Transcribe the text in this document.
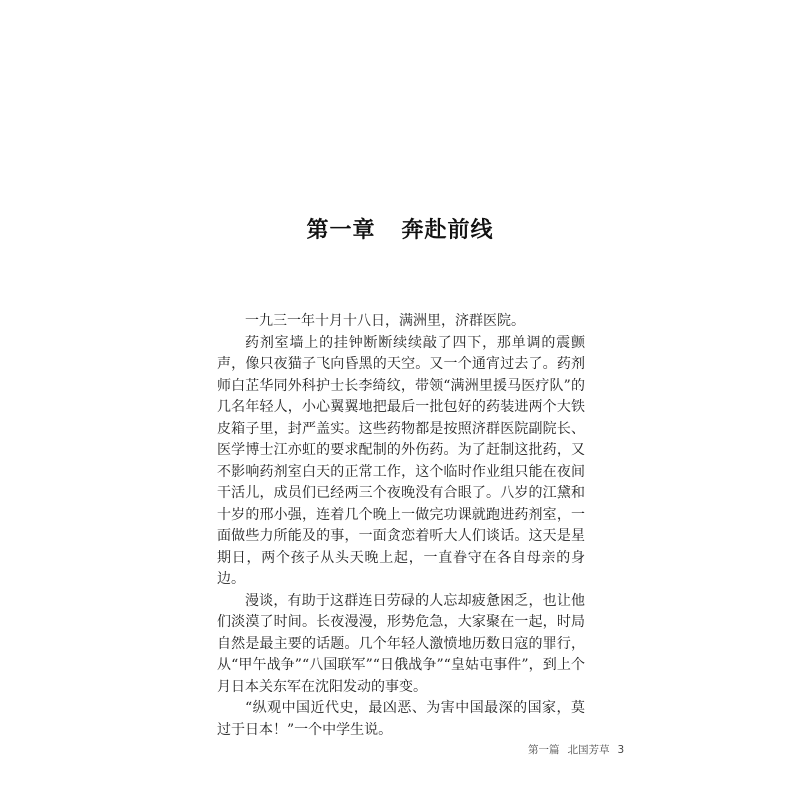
第一章 奔赴前线

一九三一年十月十八日，满洲里，济群医院。

药剂室墙上的挂钟断断续续敲了四下，那单调的震颤声，像只夜猫子飞向昏黑的天空。又一个通宵过去了。药剂师白芷华同外科护士长李绮纹，带领“满洲里援马医疗队”的几名年轻人，小心翼翼地把最后一批包好的药装进两个大铁皮箱子里，封严盖实。这些药物都是按照济群医院副院长、医学博士江亦虹的要求配制的外伤药。为了赶制这批药，又不影响药剂室白天的正常工作，这个临时作业组只能在夜间干活儿，成员们已经两三个夜晚没有合眼了。八岁的江黛和十岁的邢小强，连着几个晚上一做完功课就跑进药剂室，一面做些力所能及的事，一面贪恋着听大人们谈话。这天是星期日，两个孩子从头天晚上起，一直眷守在各自母亲的身边。

漫谈，有助于这群连日劳碌的人忘却疲惫困乏，也让他们淡漠了时间。长夜漫漫，形势危急，大家聚在一起，时局自然是最主要的话题。几个年轻人激愤地历数日寇的罪行，从“甲午战争”“八国联军”“日俄战争”“皇姑屯事件”，到上个月日本关东军在沈阳发动的事变。

“纵观中国近代史，最凶恶、为害中国最深的国家，莫过于日本！”一个中学生说。

第一篇 北国芳草 3
